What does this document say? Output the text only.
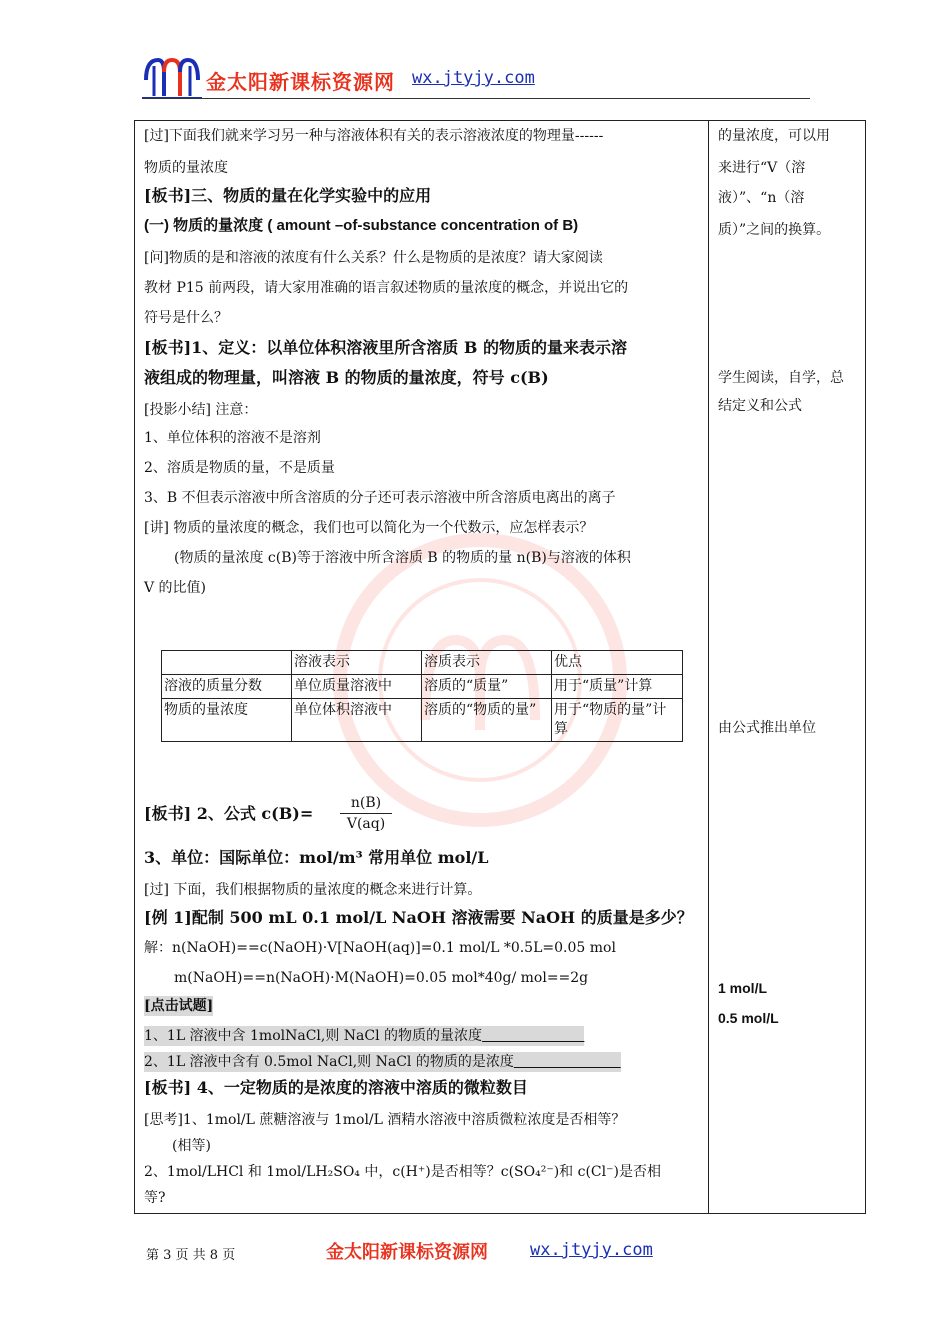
金太阳新课标资源网 wx.jtyjy.com
[过]下面我们就来学习另一种与溶液体积有关的表示溶液浓度的物理量------
物质的量浓度
[板书]三、物质的量在化学实验中的应用
(一) 物质的量浓度 ( amount –of-substance concentration of B)
[问]物质的是和溶液的浓度有什么关系？什么是物质的是浓度？请大家阅读
教材 P15 前两段，请大家用准确的语言叙述物质的量浓度的概念，并说出它的
符号是什么？
[板书]1、定义：以单位体积溶液里所含溶质 B 的物质的量来表示溶
液组成的物理量，叫溶液 B 的物质的量浓度，符号 c(B)
[投影小结] 注意：
1、单位体积的溶液不是溶剂
2、溶质是物质的量，不是质量
3、B 不但表示溶液中所含溶质的分子还可表示溶液中所含溶质电离出的离子
[讲] 物质的量浓度的概念，我们也可以简化为一个代数示，应怎样表示？
(物质的量浓度 c(B)等于溶液中所含溶质 B 的物质的量 n(B)与溶液的体积
V 的比值)
[板书] 2、公式 c(B)=
3、单位：国际单位：mol/m³ 常用单位 mol/L
[过] 下面，我们根据物质的量浓度的概念来进行计算。
[例 1]配制 500 mL 0.1 mol/L NaOH 溶液需要 NaOH 的质量是多少？
解：n(NaOH)==c(NaOH)·V[NaOH(aq)]=0.1 mol/L *0.5L=0.05 mol
m(NaOH)==n(NaOH)·M(NaOH)=0.05 mol*40g/ mol==2g
[点击试题]
1、1L 溶液中含 1molNaCl,则 NaCl 的物质的量浓度
2、1L 溶液中含有 0.5mol NaCl,则 NaCl 的物质的是浓度
[板书] 4、一定物质的是浓度的溶液中溶质的微粒数目
[思考]1、1mol/L 蔗糖溶液与 1mol/L 酒精水溶液中溶质微粒浓度是否相等？
(相等)
2、1mol/LHCl 和 1mol/LH₂SO₄ 中，c(H⁺)是否相等？c(SO₄²⁻)和 c(Cl⁻)是否相
等?
n(B)
V(aq)
	溶液表示	溶质表示	优点
溶液的质量分数	单位质量溶液中	溶质的“质量”	用于“质量”计算
物质的量浓度	单位体积溶液中	溶质的“物质的量”	用于“物质的量”计算
的量浓度，可以用
来进行“V（溶
液）”、“n（溶
质）”之间的换算。
学生阅读，自学，总
结定义和公式
由公式推出单位
1 mol/L
0.5 mol/L
第 3 页 共 8 页	金太阳新课标资源网 wx.jtyjy.com
